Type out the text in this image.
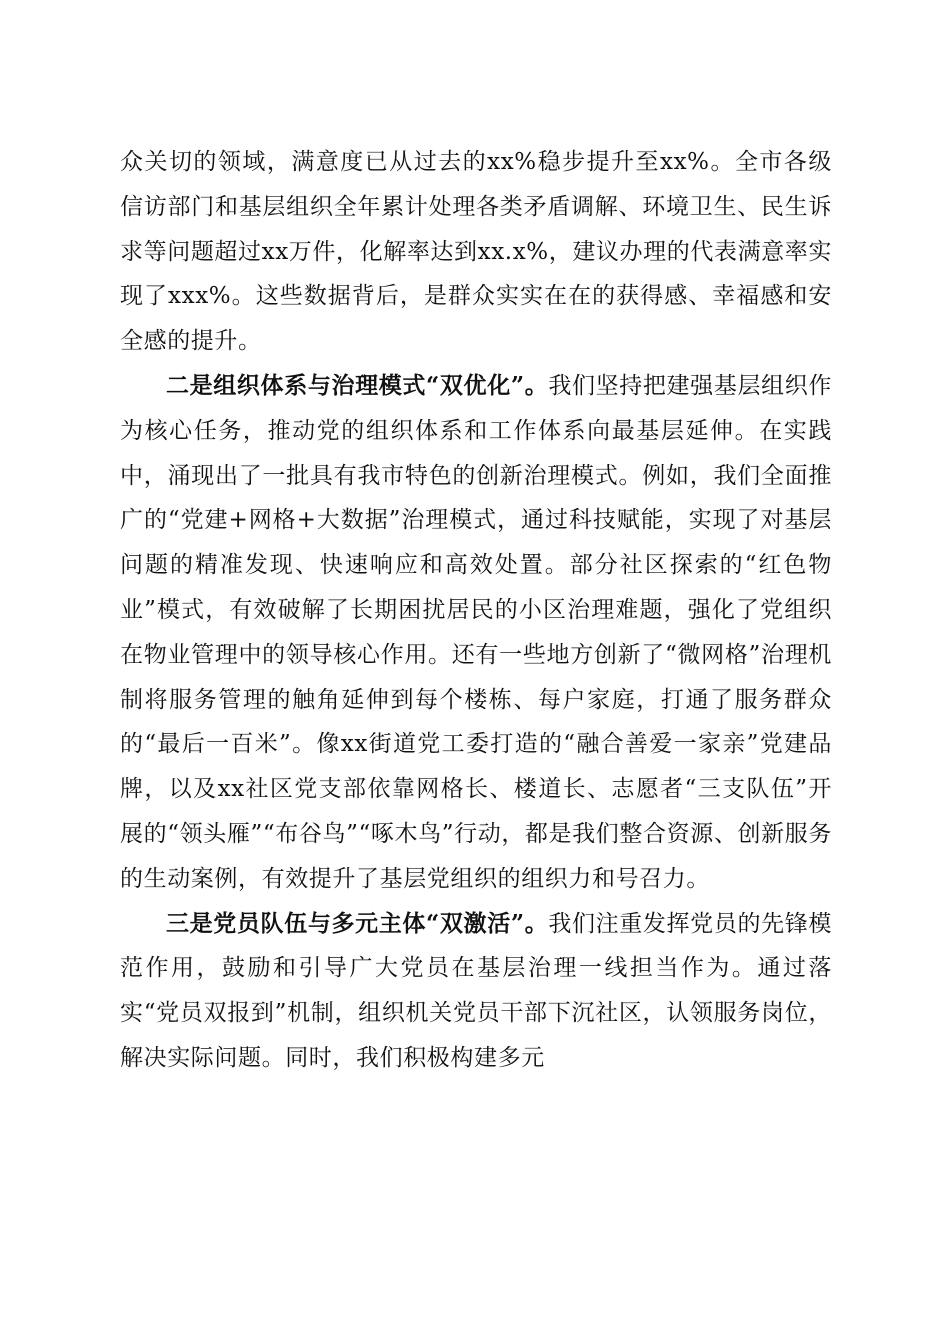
众关切的领域，满意度已从过去的xx%稳步提升至xx%。全市各级信访部门和基层组织全年累计处理各类矛盾调解、环境卫生、民生诉求等问题超过xx万件，化解率达到xx.x%，建议办理的代表满意率实现了xxx%。这些数据背后，是群众实实在在的获得感、幸福感和安全感的提升。

二是组织体系与治理模式“双优化”。我们坚持把建强基层组织作为核心任务，推动党的组织体系和工作体系向最基层延伸。在实践中，涌现出了一批具有我市特色的创新治理模式。例如，我们全面推广的“党建+网格+大数据”治理模式，通过科技赋能，实现了对基层问题的精准发现、快速响应和高效处置。部分社区探索的“红色物业”模式，有效破解了长期困扰居民的小区治理难题，强化了党组织在物业管理中的领导核心作用。还有一些地方创新了“微网格”治理机制将服务管理的触角延伸到每个楼栋、每户家庭，打通了服务群众的“最后一百米”。像xx街道党工委打造的“融合善爱一家亲”党建品牌，以及xx社区党支部依靠网格长、楼道长、志愿者“三支队伍”开展的“领头雁”“布谷鸟”“啄木鸟”行动，都是我们整合资源、创新服务的生动案例，有效提升了基层党组织的组织力和号召力。

三是党员队伍与多元主体“双激活”。我们注重发挥党员的先锋模范作用，鼓励和引导广大党员在基层治理一线担当作为。通过落实“党员双报到”机制，组织机关党员干部下沉社区，认领服务岗位，解决实际问题。同时，我们积极构建多元
